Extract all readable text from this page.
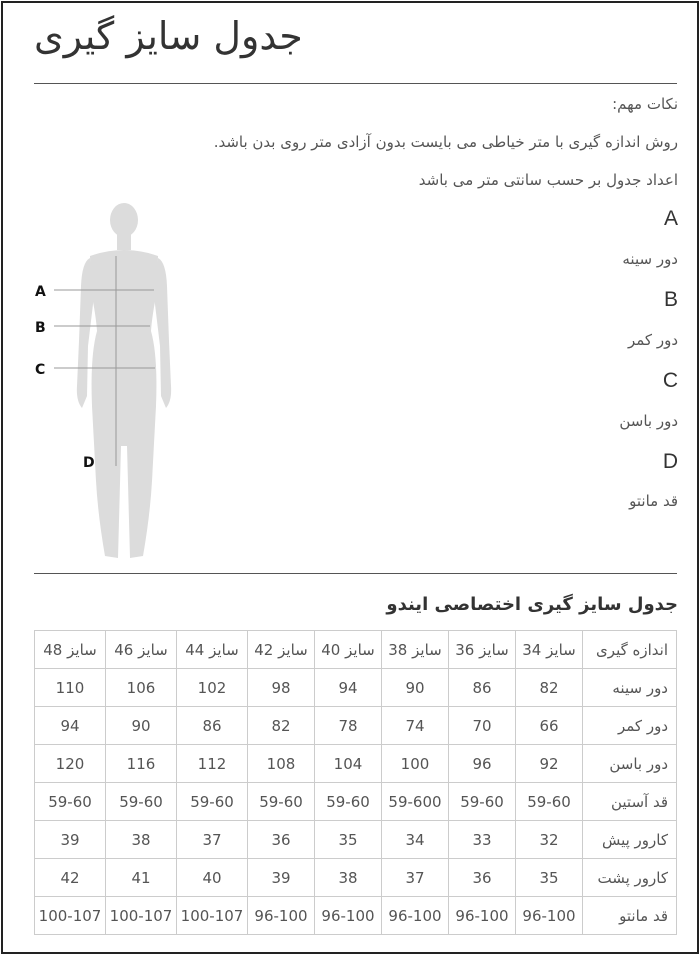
جدول سایز گیری
نکات مهم:
روش اندازه گیری با متر خیاطی می بایست بدون آزادی متر روی بدن باشد.
اعداد جدول بر حسب سانتی متر می باشد
A
دور سینه
B
دور کمر
C
دور باسن
D
قد مانتو
A
B
C
D
جدول سایز گیری اختصاصی ایندو
اندازه گیری	سایز 34	سایز 36	سایز 38	سایز 40	سایز 42	سایز 44	سایز 46	سایز 48
دور سینه	82	86	90	94	98	102	106	110
دور کمر	66	70	74	78	82	86	90	94
دور باسن	92	96	100	104	108	112	116	120
قد آستین	59-60	59-60	59-600	59-60	59-60	59-60	59-60	59-60
کارور پیش	32	33	34	35	36	37	38	39
کارور پشت	35	36	37	38	39	40	41	42
قد مانتو	96-100	96-100	96-100	96-100	96-100	100-107	100-107	100-107
